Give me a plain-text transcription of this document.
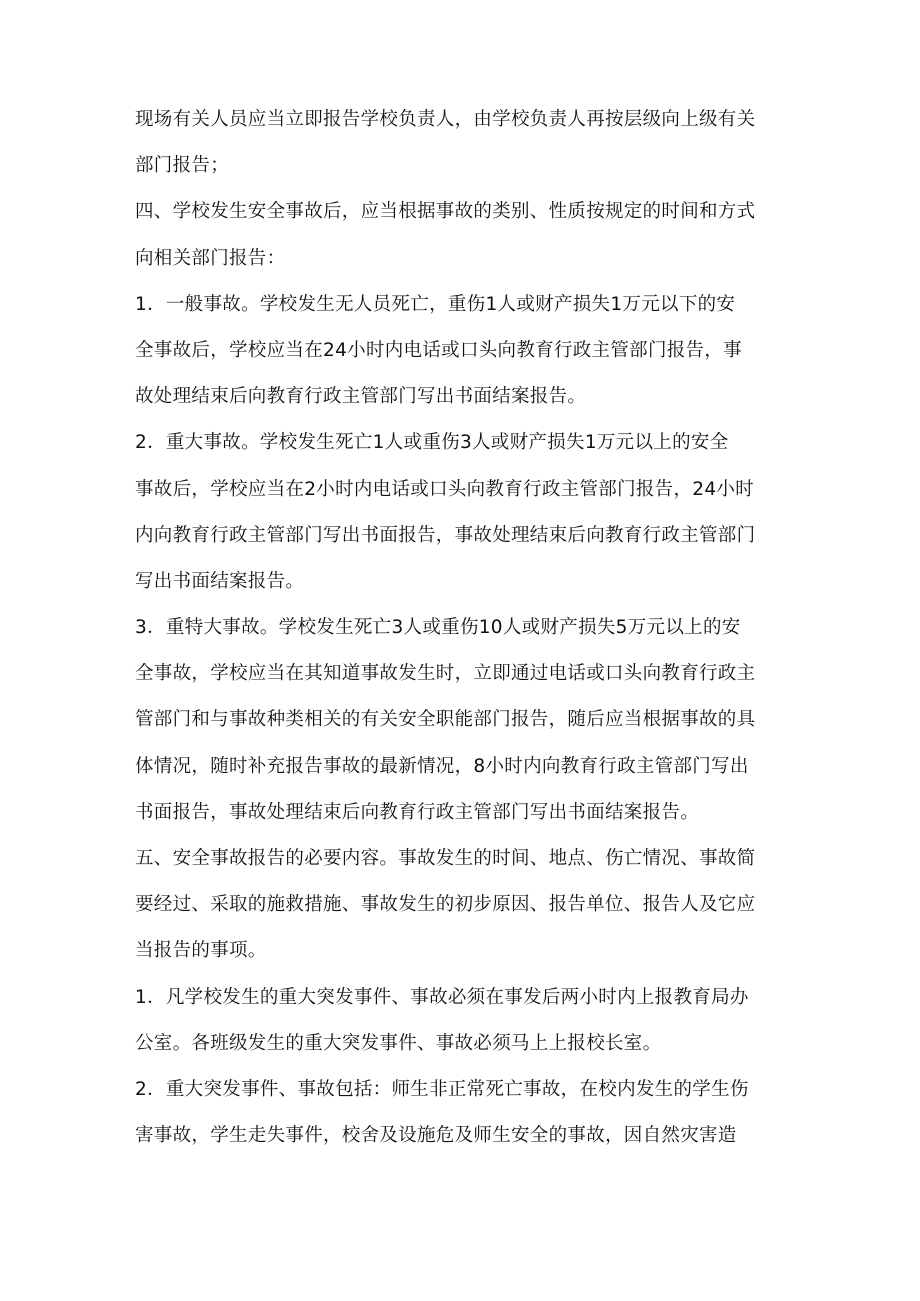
现场有关人员应当立即报告学校负责人，由学校负责人再按层级向上级有关
部门报告；
四、学校发生安全事故后，应当根据事故的类别、性质按规定的时间和方式
向相关部门报告：
1．一般事故。学校发生无人员死亡，重伤1人或财产损失1万元以下的安
全事故后，学校应当在24小时内电话或口头向教育行政主管部门报告，事
故处理结束后向教育行政主管部门写出书面结案报告。
2．重大事故。学校发生死亡1人或重伤3人或财产损失1万元以上的安全
事故后，学校应当在2小时内电话或口头向教育行政主管部门报告，24小时
内向教育行政主管部门写出书面报告，事故处理结束后向教育行政主管部门
写出书面结案报告。
3．重特大事故。学校发生死亡3人或重伤10人或财产损失5万元以上的安
全事故，学校应当在其知道事故发生时，立即通过电话或口头向教育行政主
管部门和与事故种类相关的有关安全职能部门报告，随后应当根据事故的具
体情况，随时补充报告事故的最新情况，8小时内向教育行政主管部门写出
书面报告，事故处理结束后向教育行政主管部门写出书面结案报告。
五、安全事故报告的必要内容。事故发生的时间、地点、伤亡情况、事故简
要经过、采取的施救措施、事故发生的初步原因、报告单位、报告人及它应
当报告的事项。
1．凡学校发生的重大突发事件、事故必须在事发后两小时内上报教育局办
公室。各班级发生的重大突发事件、事故必须马上上报校长室。
2．重大突发事件、事故包括：师生非正常死亡事故，在校内发生的学生伤
害事故，学生走失事件，校舍及设施危及师生安全的事故，因自然灾害造
